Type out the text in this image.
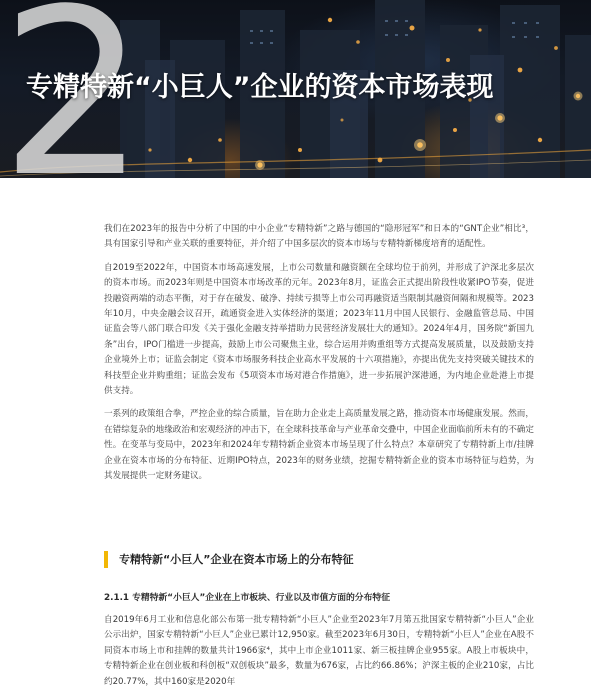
2
专精特新“小巨人”企业的资本市场表现

我们在2023年的报告中分析了中国的中小企业“专精特新”之路与德国的“隐形冠军”和日本的“GNT企业”相比³，具有国家引导和产业关联的重要特征，并介绍了中国多层次的资本市场与专精特新梯度培育的适配性。

自2019至2022年，中国资本市场高速发展，上市公司数量和融资额在全球均位于前列，并形成了沪深北多层次的资本市场。而2023年则是中国资本市场改革的元年。2023年8月，证监会正式提出阶段性收紧IPO节奏，促进投融资两端的动态平衡，对于存在破发、破净、持续亏损等上市公司再融资适当限制其融资间隔和规模等。2023年10月，中央金融会议召开，疏通资金进入实体经济的渠道；2023年11月中国人民银行、金融监管总局、中国证监会等八部门联合印发《关于强化金融支持举措助力民营经济发展壮大的通知》。2024年4月，国务院“新国九条”出台，IPO门槛进一步提高，鼓励上市公司聚焦主业，综合运用并购重组等方式提高发展质量，以及鼓励支持企业境外上市；证监会制定《资本市场服务科技企业高水平发展的十六项措施》，亦提出优先支持突破关键技术的科技型企业并购重组；证监会发布《5项资本市场对港合作措施》，进一步拓展沪深港通，为内地企业赴港上市提供支持。

一系列的政策组合拳，严控企业的综合质量，旨在助力企业走上高质量发展之路，推动资本市场健康发展。然而，在错综复杂的地缘政治和宏观经济的冲击下，在全球科技革命与产业革命交叠中，中国企业面临前所未有的不确定性。在变革与变局中，2023年和2024年专精特新企业资本市场呈现了什么特点？本章研究了专精特新上市/挂牌企业在资本市场的分布特征、近期IPO特点，2023年的财务业绩，挖掘专精特新企业的资本市场特征与趋势，为其发展提供一定财务建议。

专精特新“小巨人”企业在资本市场上的分布特征
2.1.1 专精特新“小巨人”企业在上市板块、行业以及市值方面的分布特征

自2019年6月工业和信息化部公布第一批专精特新“小巨人”企业至2023年7月第五批国家专精特新“小巨人”企业公示出炉，国家专精特新“小巨人”企业已累计12,950家。截至2023年6月30日，专精特新“小巨人”企业在A股不同资本市场上市和挂牌的数量共计1966家⁴，其中上市企业1011家、新三板挂牌企业955家。A股上市板块中，专精特新企业在创业板和科创板“双创板块”最多，数量为676家，占比约66.86%；沪深主板的企业210家，占比约20.77%，其中160家是2020年
